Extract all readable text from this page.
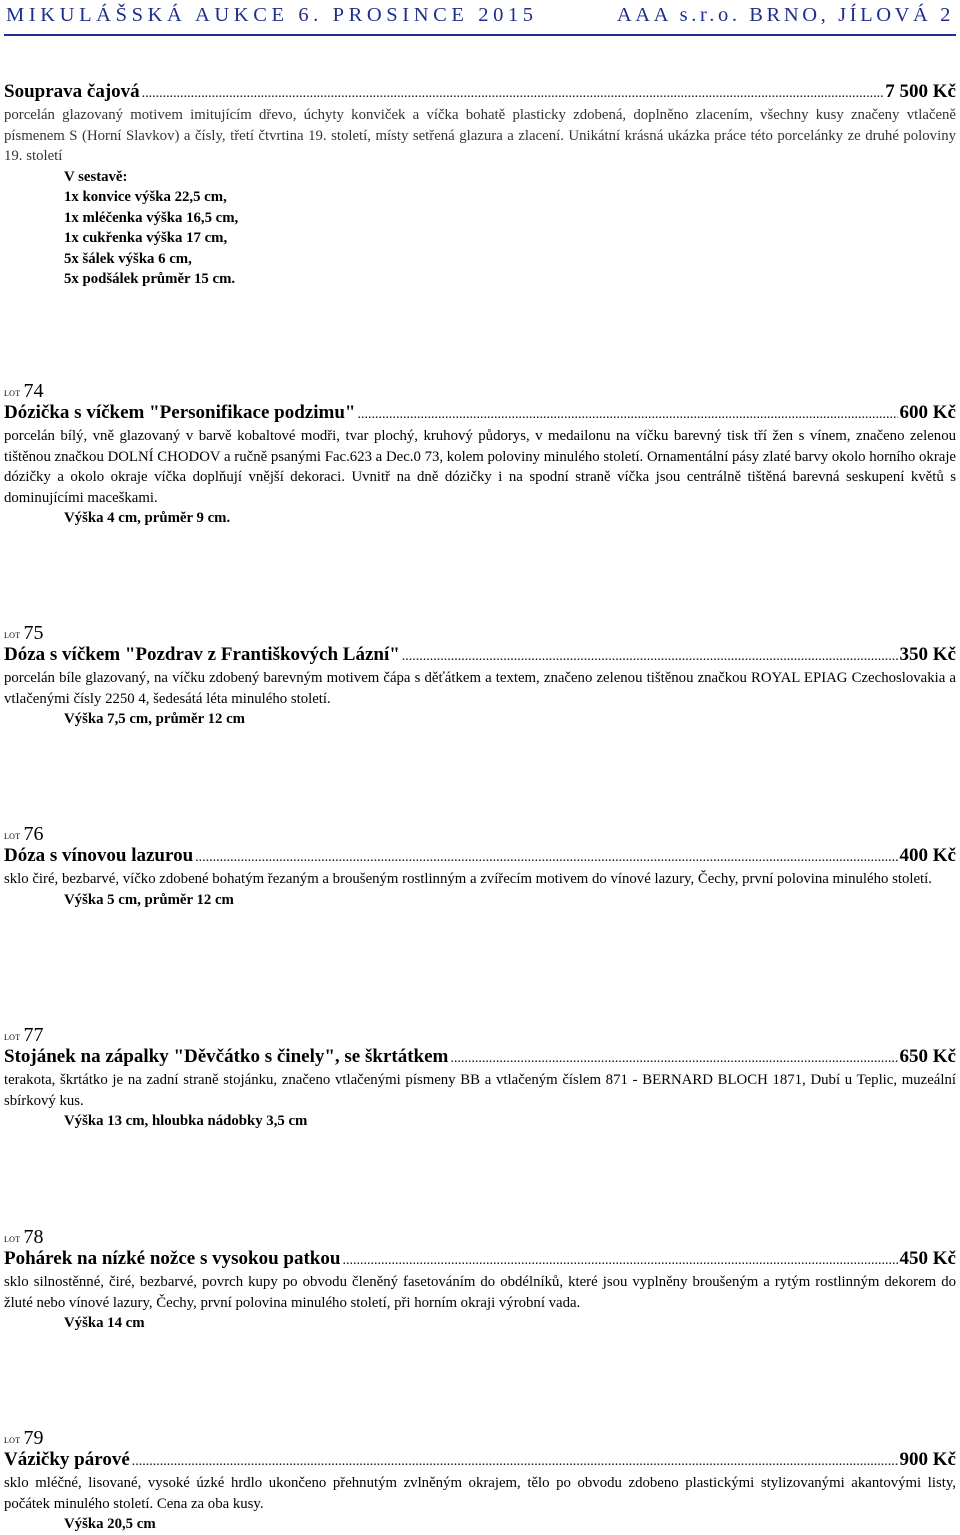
MIKULÁŠSKÁ AUKCE 6. PROSINCE 2015	AAA s.r.o. BRNO, JÍLOVÁ 2
Souprava čajová .....	7 500 Kč

porcelán glazovaný motivem imitujícím dřevo, úchyty konviček a víčka bohatě plasticky zdobená, doplněno zlacením, všechny kusy značeny vtlačeně písmenem S (Horní Slavkov) a čísly, třetí čtvrtina 19. století, místy setřená glazura a zlacení. Unikátní krásná ukázka práce této porcelánky ze druhé poloviny 19. století

V sestavě:
1x konvice výška 22,5 cm,
1x mléčenka výška 16,5 cm,
1x cukřenka výška 17 cm,
5x šálek výška 6 cm,
5x podšálek průměr 15 cm.
LOT 74
Dózička s víčkem "Personifikace podzimu" .....	600 Kč

porcelán bílý, vně glazovaný v barvě kobaltové modři, tvar plochý, kruhový půdorys, v medailonu na víčku barevný tisk tří žen s vínem, značeno zelenou tištěnou značkou DOLNÍ CHODOV a ručně psanými Fac.623 a Dec.0 73, kolem poloviny minulého století. Ornamentální pásy zlaté barvy okolo horního okraje dózičky a okolo okraje víčka doplňují vnější dekoraci. Uvnitř na dně dózičky i na spodní straně víčka jsou centrálně tištěná barevná seskupení květů s dominujícími maceškami.

Výška 4 cm, průměr 9 cm.
LOT 75
Dóza s víčkem "Pozdrav z Františkových Lázní" .....	350 Kč

porcelán bíle glazovaný, na víčku zdobený barevným motivem čápa s děťátkem a textem, značeno zelenou tištěnou značkou ROYAL EPIAG Czechoslovakia a vtlačenými čísly 2250 4, šedesátá léta minulého století.

Výška 7,5 cm, průměr 12 cm
LOT 76
Dóza s vínovou lazurou .....	400 Kč

sklo čiré, bezbarvé, víčko zdobené bohatým řezaným a broušeným rostlinným a zvířecím motivem do vínové lazury, Čechy, první polovina minulého století.

Výška 5 cm, průměr 12 cm
LOT 77
Stojánek na zápalky "Děvčátko s činely", se škrtátkem .....	650 Kč

terakota, škrtátko je na zadní straně stojánku, značeno vtlačenými písmeny BB a vtlačeným číslem 871 - BERNARD BLOCH 1871, Dubí u Teplic, muzeální sbírkový kus.

Výška 13 cm, hloubka nádobky 3,5 cm
LOT 78
Pohárek na nízké nožce s vysokou patkou .....	450 Kč

sklo silnostěnné, čiré, bezbarvé, povrch kupy po obvodu členěný fasetováním do obdélníků, které jsou vyplněny broušeným a rytým rostlinným dekorem do žluté nebo vínové lazury, Čechy, první polovina minulého století, při horním okraji výrobní vada.

Výška 14 cm
LOT 79
Vázičky párové .....	900 Kč

sklo mléčné, lisované, vysoké úzké hrdlo ukončeno přehnutým zvlněným okrajem, tělo po obvodu zdobeno plastickými stylizovanými akantovými listy, počátek minulého století. Cena za oba kusy.

Výška 20,5 cm
